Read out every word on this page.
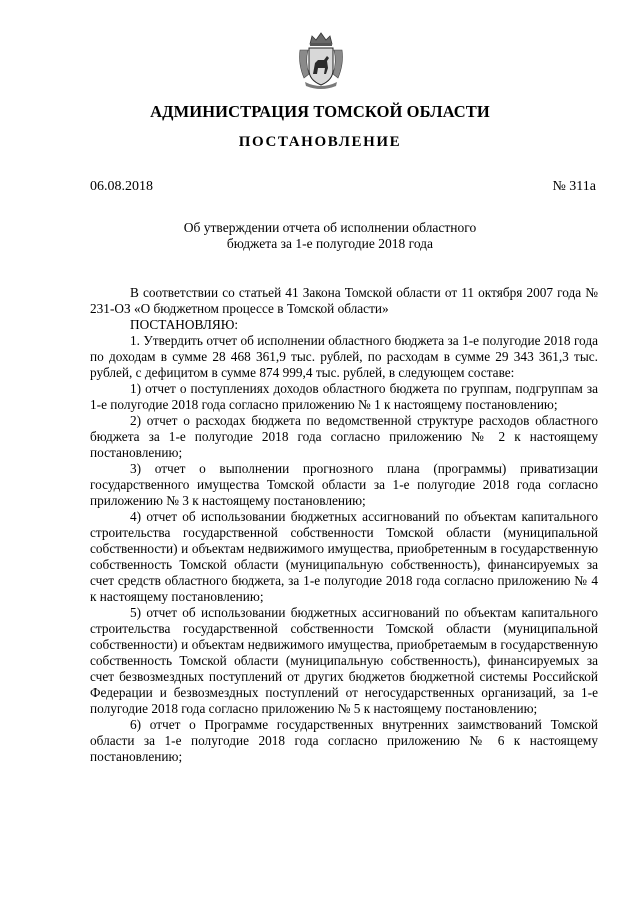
АДМИНИСТРАЦИЯ ТОМСКОЙ ОБЛАСТИ
ПОСТАНОВЛЕНИЕ
06.08.2018	№ 311а
Об утверждении отчета об исполнении областного
бюджета за 1-е полугодие 2018 года

В соответствии со статьей 41 Закона Томской области от 11 октября 2007 года № 231-ОЗ «О бюджетном процессе в Томской области»

ПОСТАНОВЛЯЮ:

1. Утвердить отчет об исполнении областного бюджета за 1-е полугодие 2018 года по доходам в сумме 28 468 361,9 тыс. рублей, по расходам в сумме 29 343 361,3 тыс. рублей, с дефицитом в сумме 874 999,4 тыс. рублей, в следующем составе:

1) отчет о поступлениях доходов областного бюджета по группам, подгруппам за 1-е полугодие 2018 года согласно приложению № 1 к настоящему постановлению;

2) отчет о расходах бюджета по ведомственной структуре расходов областного бюджета за 1-е полугодие 2018 года согласно приложению № 2 к настоящему постановлению;

3) отчет о выполнении прогнозного плана (программы) приватизации государственного имущества Томской области за 1-е полугодие 2018 года согласно приложению № 3 к настоящему постановлению;

4) отчет об использовании бюджетных ассигнований по объектам капитального строительства государственной собственности Томской области (муниципальной собственности) и объектам недвижимого имущества, приобретенным в государственную собственность Томской области (муниципальную собственность), финансируемых за счет средств областного бюджета, за 1-е полугодие 2018 года согласно приложению № 4 к настоящему постановлению;

5) отчет об использовании бюджетных ассигнований по объектам капитального строительства государственной собственности Томской области (муниципальной собственности) и объектам недвижимого имущества, приобретаемым в государственную собственность Томской области (муниципальную собственность), финансируемых за счет безвозмездных поступлений от других бюджетов бюджетной системы Российской Федерации и безвозмездных поступлений от негосударственных организаций, за 1-е полугодие 2018 года согласно приложению № 5 к настоящему постановлению;

6) отчет о Программе государственных внутренних заимствований Томской области за 1-е полугодие 2018 года согласно приложению № 6 к настоящему постановлению;
